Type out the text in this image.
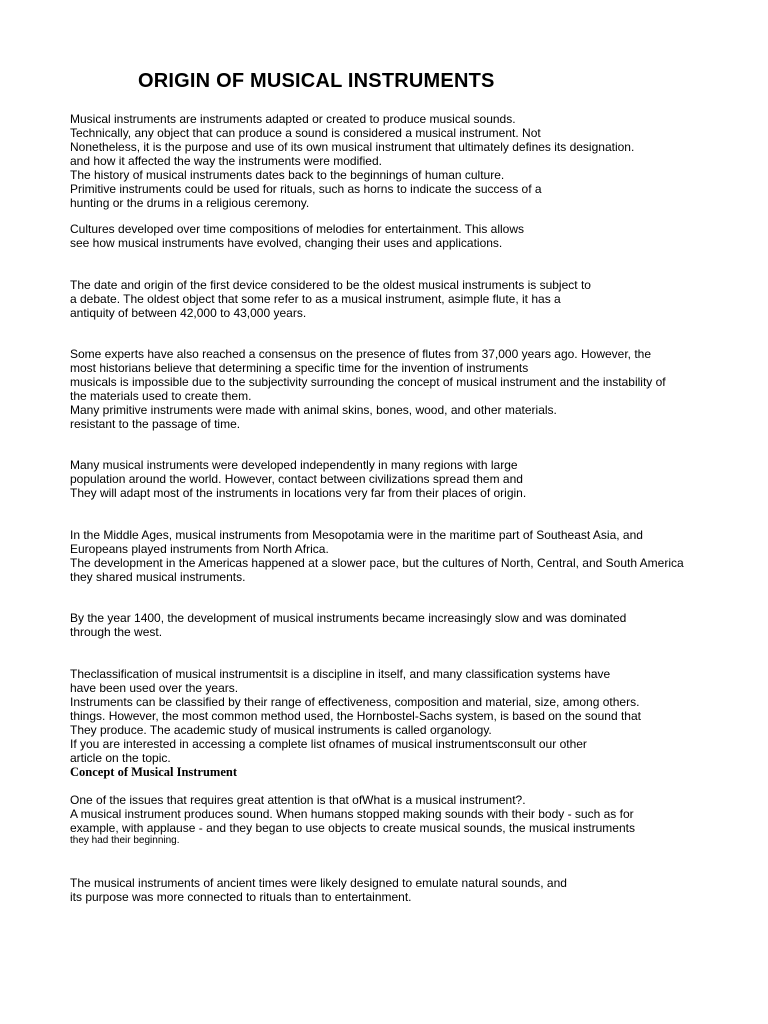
ORIGIN OF MUSICAL INSTRUMENTS
Musical instruments are instruments adapted or created to produce musical sounds.
Technically, any object that can produce a sound is considered a musical instrument. Not
Nonetheless, it is the purpose and use of its own musical instrument that ultimately defines its designation.
and how it affected the way the instruments were modified.
The history of musical instruments dates back to the beginnings of human culture.
Primitive instruments could be used for rituals, such as horns to indicate the success of a
hunting or the drums in a religious ceremony.
Cultures developed over time compositions of melodies for entertainment. This allows
see how musical instruments have evolved, changing their uses and applications.
The date and origin of the first device considered to be the oldest musical instruments is subject to
a debate. The oldest object that some refer to as a musical instrument, asimple flute, it has a
antiquity of between 42,000 to 43,000 years.
Some experts have also reached a consensus on the presence of flutes from 37,000 years ago. However, the
most historians believe that determining a specific time for the invention of instruments
musicals is impossible due to the subjectivity surrounding the concept of musical instrument and the instability of
the materials used to create them.
Many primitive instruments were made with animal skins, bones, wood, and other materials.
resistant to the passage of time.
Many musical instruments were developed independently in many regions with large
population around the world. However, contact between civilizations spread them and
They will adapt most of the instruments in locations very far from their places of origin.
In the Middle Ages, musical instruments from Mesopotamia were in the maritime part of Southeast Asia, and
Europeans played instruments from North Africa.
The development in the Americas happened at a slower pace, but the cultures of North, Central, and South America
they shared musical instruments.
By the year 1400, the development of musical instruments became increasingly slow and was dominated
through the west.
Theclassification of musical instrumentsit is a discipline in itself, and many classification systems have
have been used over the years.
Instruments can be classified by their range of effectiveness, composition and material, size, among others.
things. However, the most common method used, the Hornbostel-Sachs system, is based on the sound that
They produce. The academic study of musical instruments is called organology.
If you are interested in accessing a complete list ofnames of musical instrumentsconsult our other
article on the topic.
Concept of Musical Instrument
One of the issues that requires great attention is that ofWhat is a musical instrument?.
A musical instrument produces sound. When humans stopped making sounds with their body - such as for
example, with applause - and they began to use objects to create musical sounds, the musical instruments
they had their beginning.
The musical instruments of ancient times were likely designed to emulate natural sounds, and
its purpose was more connected to rituals than to entertainment.
